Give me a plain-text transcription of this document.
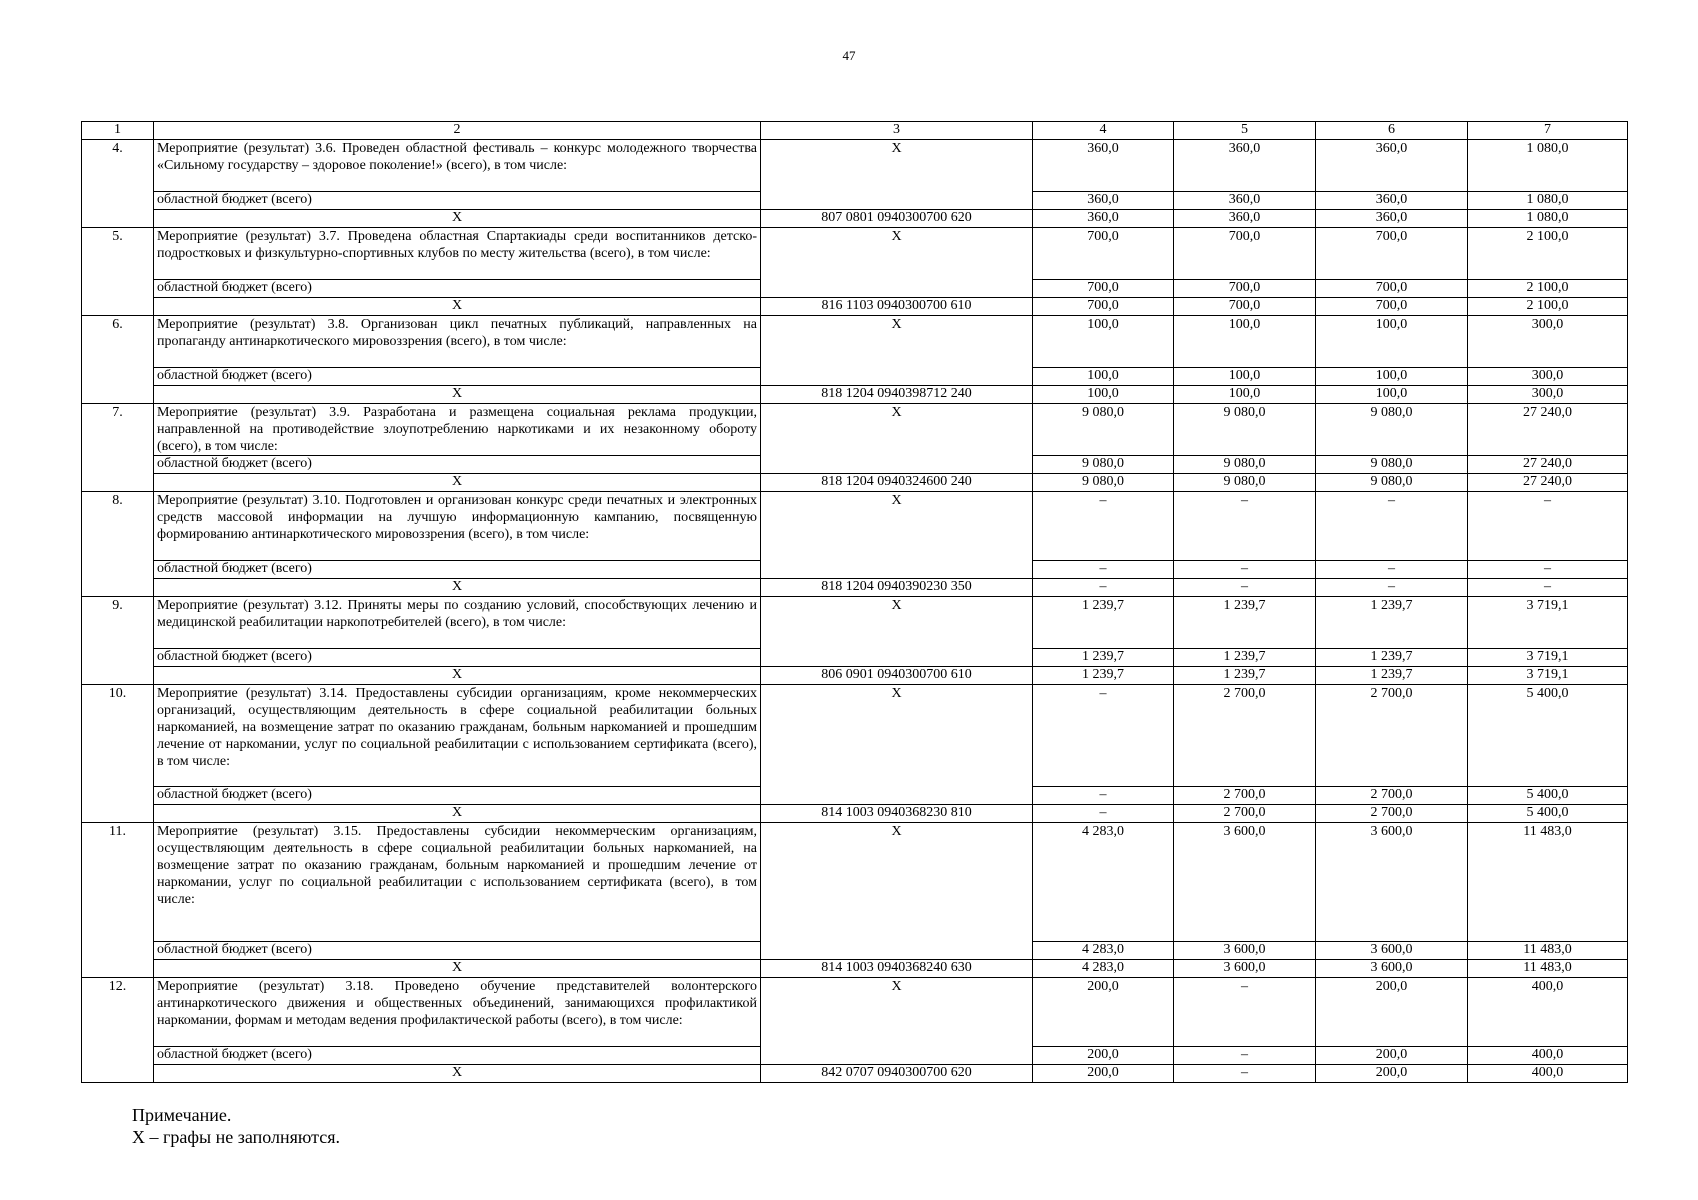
47
1	2	3	4	5	6	7
4.	Мероприятие (результат) 3.6. Проведен областной фестиваль – конкурс молодежного творчества «Сильному государству – здоровое поколение!» (всего), в том числе:	Х	360,0	360,0	360,0	1 080,0
	областной бюджет (всего)		360,0	360,0	360,0	1 080,0
	Х	807 0801 0940300700 620	360,0	360,0	360,0	1 080,0
5.	Мероприятие (результат) 3.7. Проведена областная Спартакиады среди воспитанников детско-подростковых и физкультурно-спортивных клубов по месту жительства (всего), в том числе:	Х	700,0	700,0	700,0	2 100,0
	областной бюджет (всего)		700,0	700,0	700,0	2 100,0
	Х	816 1103 0940300700 610	700,0	700,0	700,0	2 100,0
6.	Мероприятие (результат) 3.8. Организован цикл печатных публикаций, направленных на пропаганду антинаркотического мировоззрения (всего), в том числе:	Х	100,0	100,0	100,0	300,0
	областной бюджет (всего)		100,0	100,0	100,0	300,0
	Х	818 1204 0940398712 240	100,0	100,0	100,0	300,0
7.	Мероприятие (результат) 3.9. Разработана и размещена социальная реклама продукции, направленной на противодействие злоупотреблению наркотиками и их незаконному обороту (всего), в том числе:	Х	9 080,0	9 080,0	9 080,0	27 240,0
	областной бюджет (всего)		9 080,0	9 080,0	9 080,0	27 240,0
	Х	818 1204 0940324600 240	9 080,0	9 080,0	9 080,0	27 240,0
8.	Мероприятие (результат) 3.10. Подготовлен и организован конкурс среди печатных и электронных средств массовой информации на лучшую информационную кампанию, посвященную формированию антинаркотического мировоззрения (всего), в том числе:	Х	–	–	–	–
	областной бюджет (всего)		–	–	–	–
	Х	818 1204 0940390230 350	–	–	–	–
9.	Мероприятие (результат) 3.12. Приняты меры по созданию условий, способствующих лечению и медицинской реабилитации наркопотребителей (всего), в том числе:	Х	1 239,7	1 239,7	1 239,7	3 719,1
	областной бюджет (всего)		1 239,7	1 239,7	1 239,7	3 719,1
	Х	806 0901 0940300700 610	1 239,7	1 239,7	1 239,7	3 719,1
10.	Мероприятие (результат) 3.14. Предоставлены субсидии организациям, кроме некоммерческих организаций, осуществляющим деятельность в сфере социальной реабилитации больных наркоманией, на возмещение затрат по оказанию гражданам, больным наркоманией и прошедшим лечение от наркомании, услуг по социальной реабилитации с использованием сертификата (всего), в том числе:	Х	–	2 700,0	2 700,0	5 400,0
	областной бюджет (всего)		–	2 700,0	2 700,0	5 400,0
	Х	814 1003 0940368230 810	–	2 700,0	2 700,0	5 400,0
11.	Мероприятие (результат) 3.15. Предоставлены субсидии некоммерческим организациям, осуществляющим деятельность в сфере социальной реабилитации больных наркоманией, на возмещение затрат по оказанию гражданам, больным наркоманией и прошедшим лечение от наркомании, услуг по социальной реабилитации с использованием сертификата (всего), в том числе:	Х	4 283,0	3 600,0	3 600,0	11 483,0
	областной бюджет (всего)		4 283,0	3 600,0	3 600,0	11 483,0
	Х	814 1003 0940368240 630	4 283,0	3 600,0	3 600,0	11 483,0
12.	Мероприятие (результат) 3.18. Проведено обучение представителей волонтерского антинаркотического движения и общественных объединений, занимающихся профилактикой наркомании, формам и методам ведения профилактической работы (всего), в том числе:	Х	200,0	–	200,0	400,0
	областной бюджет (всего)		200,0	–	200,0	400,0
	Х	842 0707 0940300700 620	200,0	–	200,0	400,0
Примечание.
Х – графы не заполняются.
